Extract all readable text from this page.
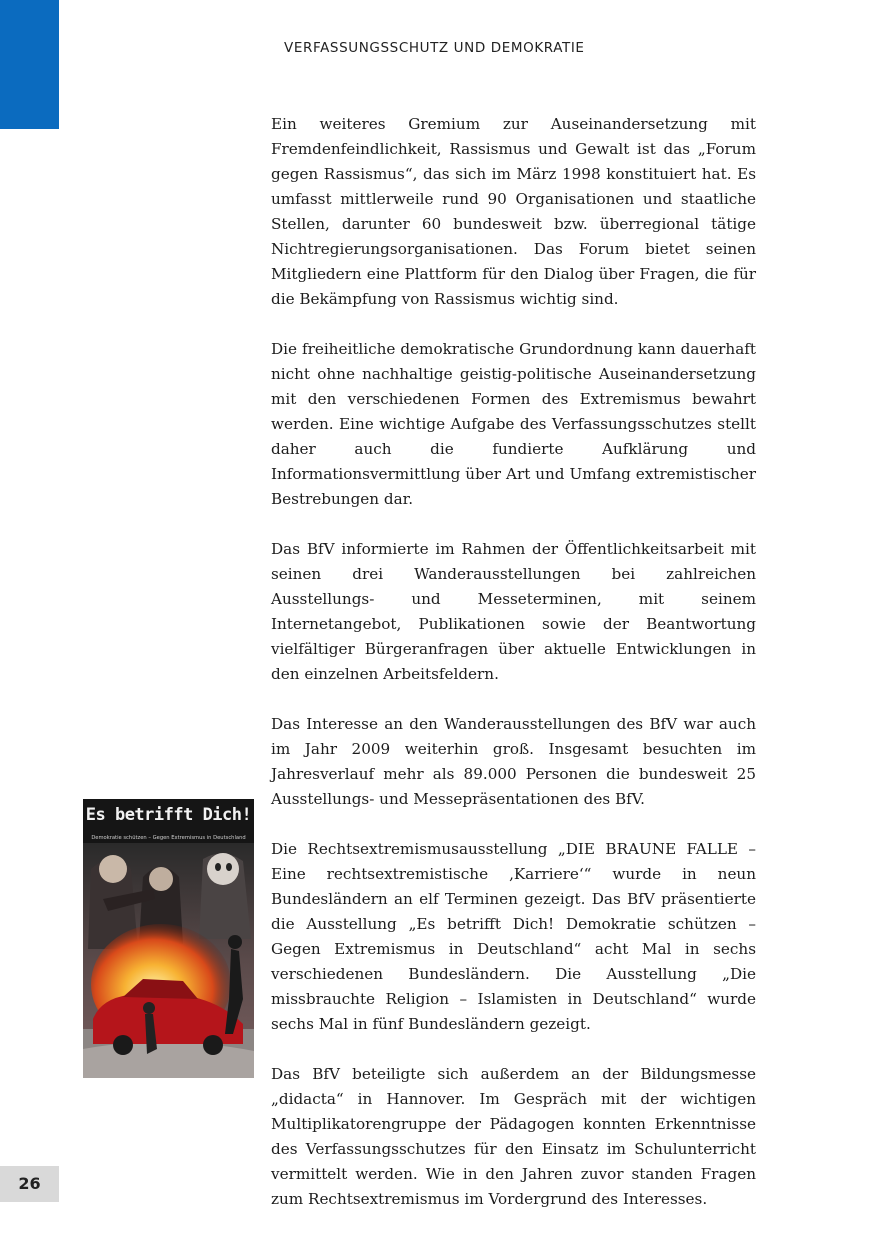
VERFASSUNGSSCHUTZ UND DEMOKRATIE

Ein weiteres Gremium zur Auseinandersetzung mit Fremdenfeindlichkeit, Rassismus und Gewalt ist das „Forum gegen Rassismus“, das sich im März 1998 konstituiert hat. Es umfasst mittlerweile rund 90 Organisationen und staatliche Stellen, darunter 60 bundesweit bzw. überregional tätige Nichtregierungsorganisationen. Das Forum bietet seinen Mitgliedern eine Plattform für den Dialog über Fragen, die für die Bekämpfung von Rassismus wichtig sind.

Die freiheitliche demokratische Grundordnung kann dauerhaft nicht ohne nachhaltige geistig-politische Auseinandersetzung mit den verschiedenen Formen des Extremismus bewahrt werden. Eine wichtige Aufgabe des Verfassungsschutzes stellt daher auch die fundierte Aufklärung und Informationsvermittlung über Art und Umfang extremistischer Bestrebungen dar.

Das BfV informierte im Rahmen der Öffentlichkeitsarbeit mit seinen drei Wanderausstellungen bei zahlreichen Ausstellungs- und Messeterminen, mit seinem Internetangebot, Publikationen sowie der Beantwortung vielfältiger Bürgeranfragen über aktuelle Entwicklungen in den einzelnen Arbeitsfeldern.

Das Interesse an den Wanderausstellungen des BfV war auch im Jahr 2009 weiterhin groß. Insgesamt besuchten im Jahresverlauf mehr als 89.000 Personen die bundesweit 25 Ausstellungs- und Messepräsentationen des BfV.

Die Rechtsextremismusausstellung „DIE BRAUNE FALLE – Eine rechtsextremistische ‚Karriere‘“ wurde in neun Bundesländern an elf Terminen gezeigt. Das BfV präsentierte die Ausstellung „Es betrifft Dich! Demokratie schützen – Gegen Extremismus in Deutschland“ acht Mal in sechs verschiedenen Bundesländern. Die Ausstellung „Die missbrauchte Religion – Islamisten in Deutschland“ wurde sechs Mal in fünf Bundesländern gezeigt.

Das BfV beteiligte sich außerdem an der Bildungsmesse „didacta“ in Hannover. Im Gespräch mit der wichtigen Multiplikatorengruppe der Pädagogen konnten Erkenntnisse des Verfassungsschutzes für den Einsatz im Schulunterricht vermittelt werden. Wie in den Jahren zuvor standen Fragen zum Rechtsextremismus im Vordergrund des Interesses.

Demokratie schützen – Gegen Extremismus in Deutschland
Es betrifft Dich!
26
